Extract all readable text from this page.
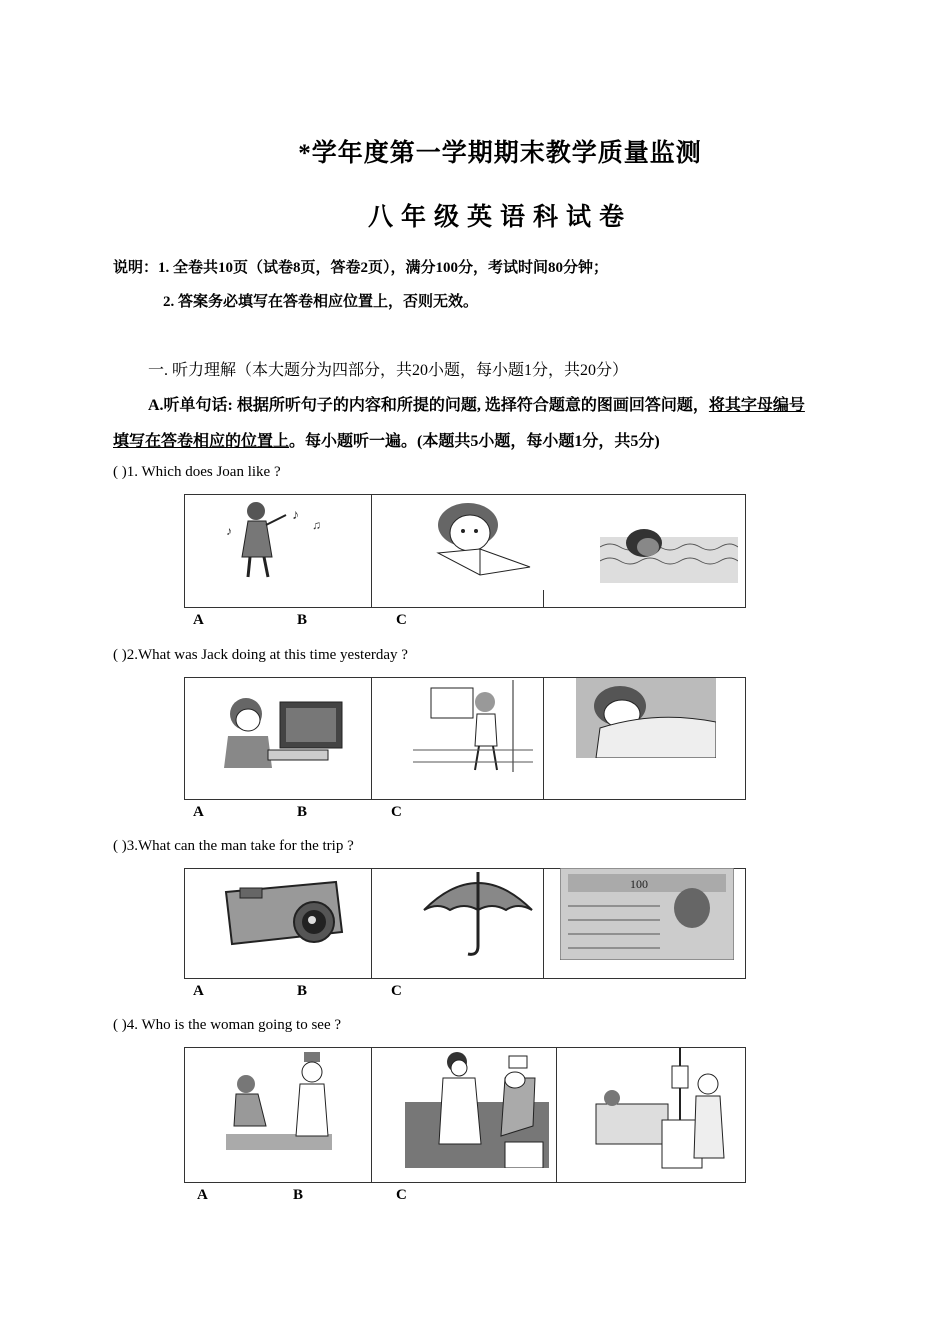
*学年度第一学期期末教学质量监测
八年级英语科试卷
说明：1. 全卷共10页（试卷8页，答卷2页），满分100分，考试时间80分钟；
2. 答案务必填写在答卷相应位置上，否则无效。
一. 听力理解（本大题分为四部分，共20小题，每小题1分，共20分）
A.听单句话: 根据所听句子的内容和所提的问题, 选择符合题意的图画回答问题，将其字母编号
填写在答卷相应的位置上。每小题听一遍。(本题共5小题，每小题1分，共5分)
( )1. Which does Joan like ?
♪
♫
♪
A	B	C
( )2.What was Jack doing at this time yesterday ?
A	B	C
( )3.What can the man take for the trip ?
100
A	B	C
( )4. Who is the woman going to see ?
A	B	C
